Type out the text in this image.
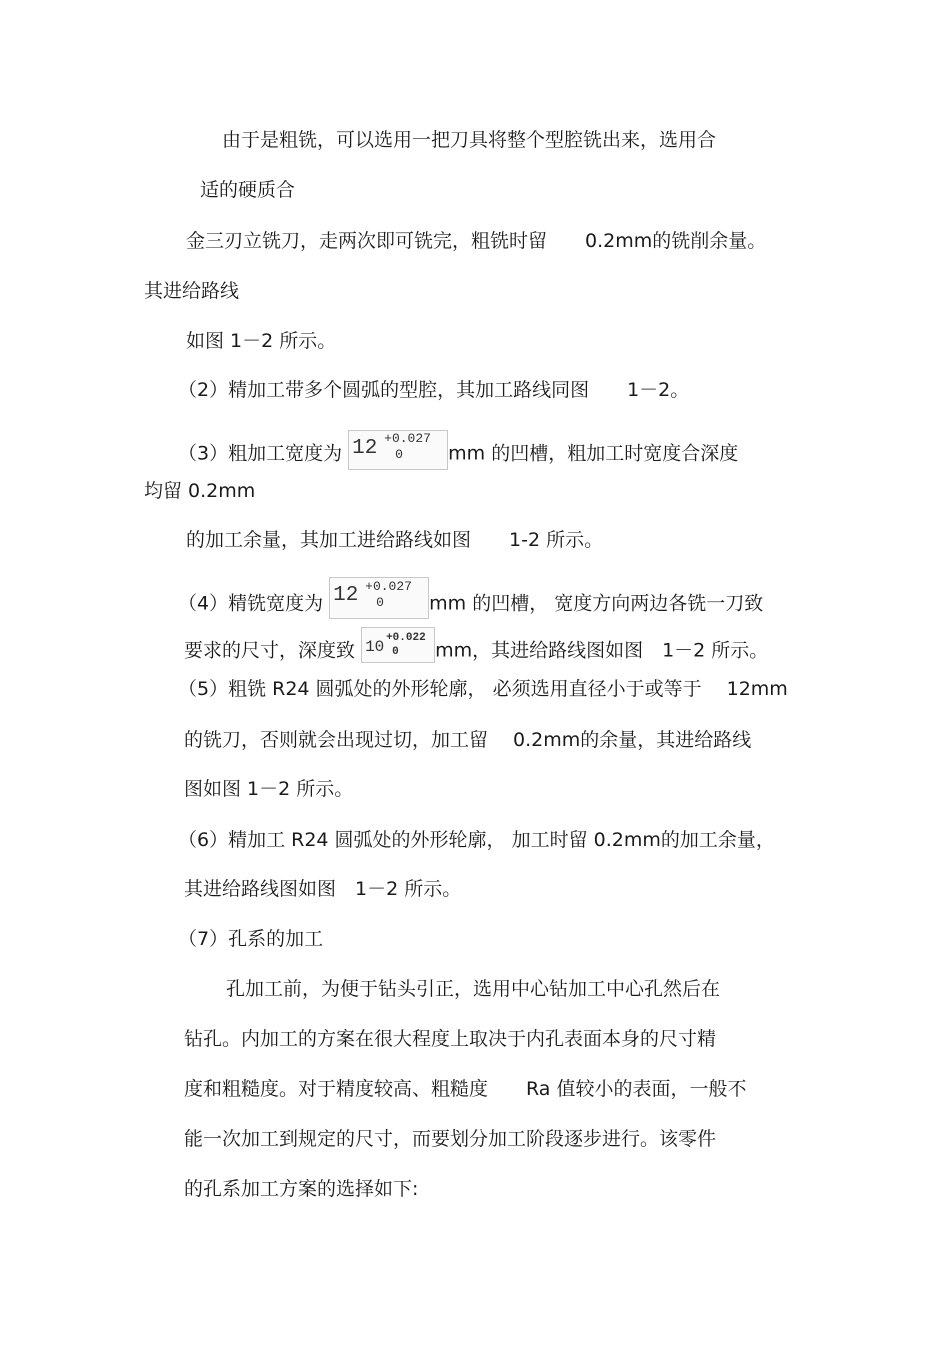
由于是粗铣，可以选用一把刀具将整个型腔铣出来，选用合
适的硬质合
金三刃立铣刀，走两次即可铣完，粗铣时留　　0.2mm的铣削余量。
其进给路线
如图 1－2 所示。
（2）精加工带多个圆弧的型腔，其加工路线同图　　1－2。
（3）粗加工宽度为 12 +0.027
0 mm 的凹槽，粗加工时宽度合深度
均留 0.2mm
的加工余量，其加工进给路线如图　　1-2 所示。
（4）精铣宽度为 12 +0.027
0 mm 的凹槽， 宽度方向两边各铣一刀致
要求的尺寸，深度致 10 +0.022
0 mm，其进给路线图如图　1－2 所示。
（5）粗铣 R24 圆弧处的外形轮廓， 必须选用直径小于或等于　 12mm
的铣刀，否则就会出现过切，加工留　 0.2mm的余量，其进给路线
图如图 1－2 所示。
（6）精加工 R24 圆弧处的外形轮廓， 加工时留 0.2mm的加工余量，
其进给路线图如图　1－2 所示。
（7）孔系的加工
孔加工前，为便于钻头引正，选用中心钻加工中心孔然后在
钻孔。内加工的方案在很大程度上取决于内孔表面本身的尺寸精
度和粗糙度。对于精度较高、粗糙度　　Ra 值较小的表面，一般不
能一次加工到规定的尺寸，而要划分加工阶段逐步进行。该零件
的孔系加工方案的选择如下:
